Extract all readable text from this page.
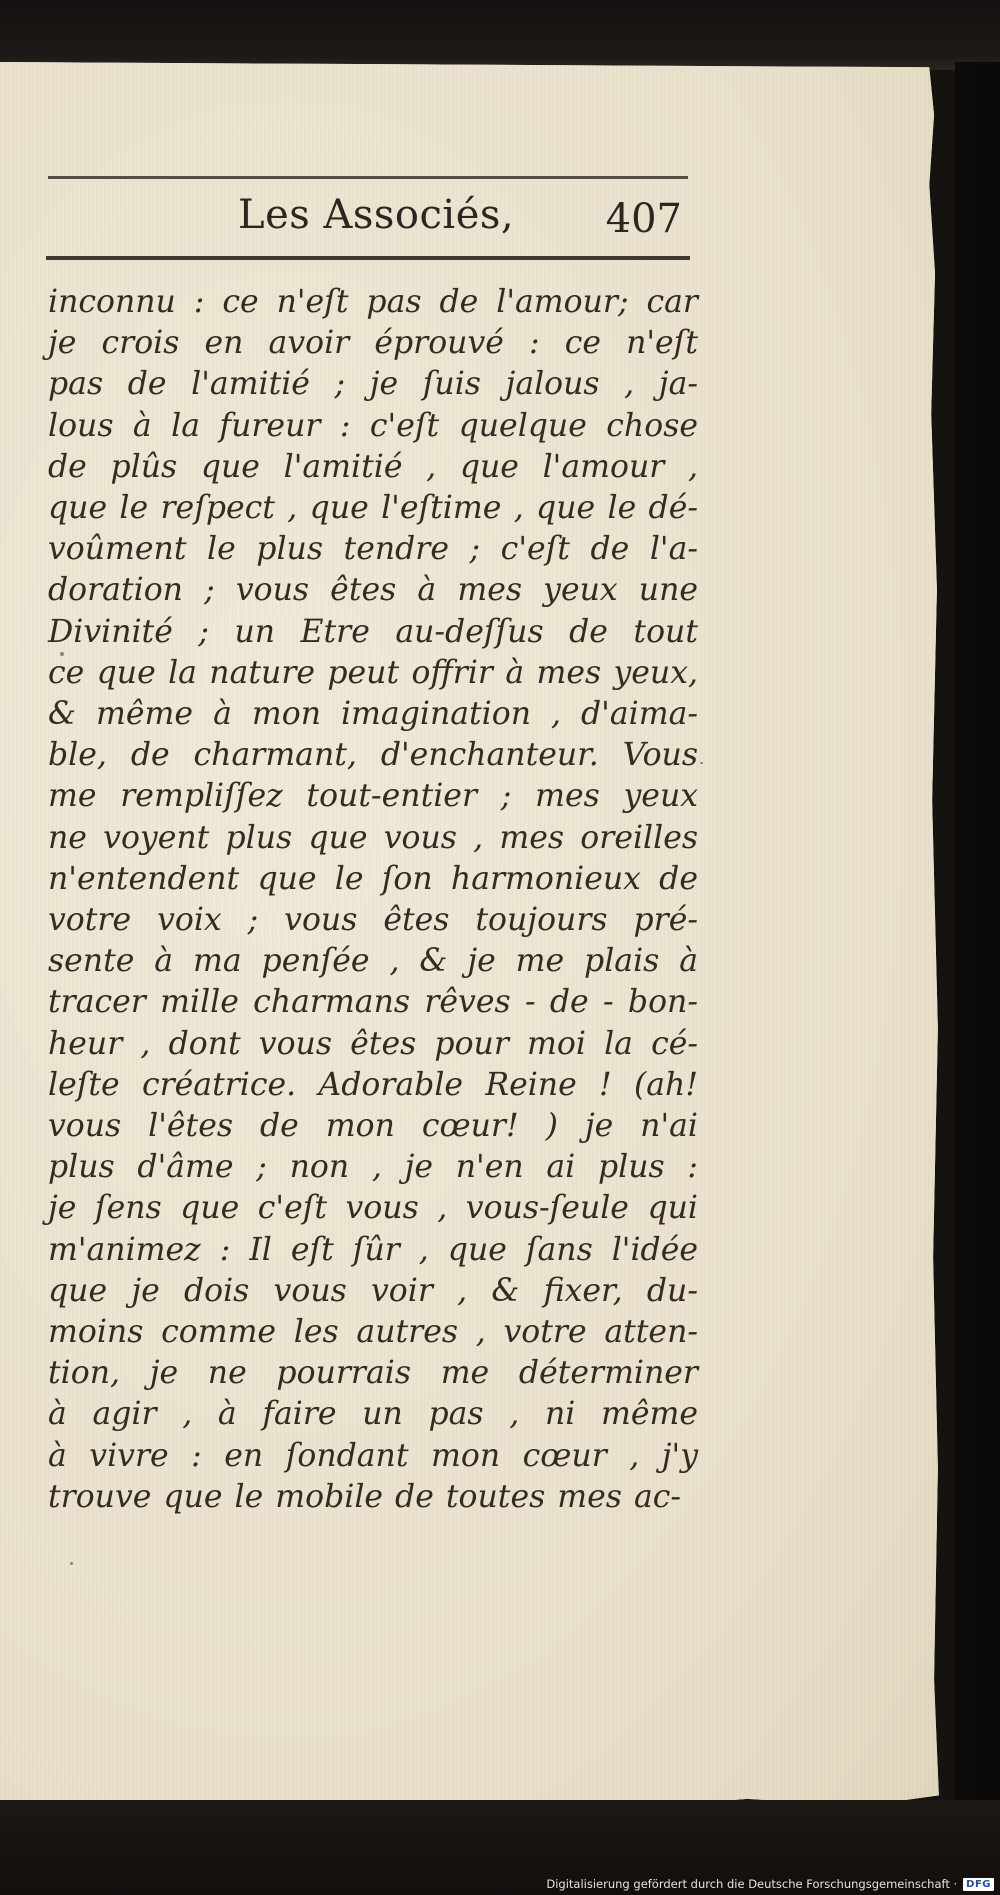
Les Associés, 407
inconnu : ce n'eſt pas de l'amour; car
je crois en avoir éprouvé : ce n'eſt
pas de l'amitié ; je ſuis jalous , ja-
lous à la fureur : c'eſt quelque chose
de plûs que l'amitié , que l'amour ,
que le reſpect , que l'eſtime , que le dé-
voûment le plus tendre ; c'eſt de l'a-
doration ; vous êtes à mes yeux une
Divinité ; un Etre au-deſſus de tout
ce que la nature peut offrir à mes yeux,
& même à mon imagination , d'aima-
ble, de charmant, d'enchanteur. Vous
me rempliſſez tout-entier ; mes yeux
ne voyent plus que vous , mes oreilles
n'entendent que le ſon harmonieux de
votre voix ; vous êtes toujours pré-
sente à ma penſée , & je me plais à
tracer mille charmans rêves - de - bon-
heur , dont vous êtes pour moi la cé-
leſte créatrice. Adorable Reine ! (ah!
vous l'êtes de mon cœur! ) je n'ai
plus d'âme ; non , je n'en ai plus :
je ſens que c'eſt vous , vous-ſeule qui
m'animez : Il eſt ſûr , que ſans l'idée
que je dois vous voir , & fixer, du-
moins comme les autres , votre atten-
tion, je ne pourrais me déterminer
à agir , à faire un pas , ni même
à vivre : en ſondant mon cœur , j'y
trouve que le mobile de toutes mes ac-
Digitalisierung gefördert durch die Deutsche Forschungsgemeinschaft · DFG
